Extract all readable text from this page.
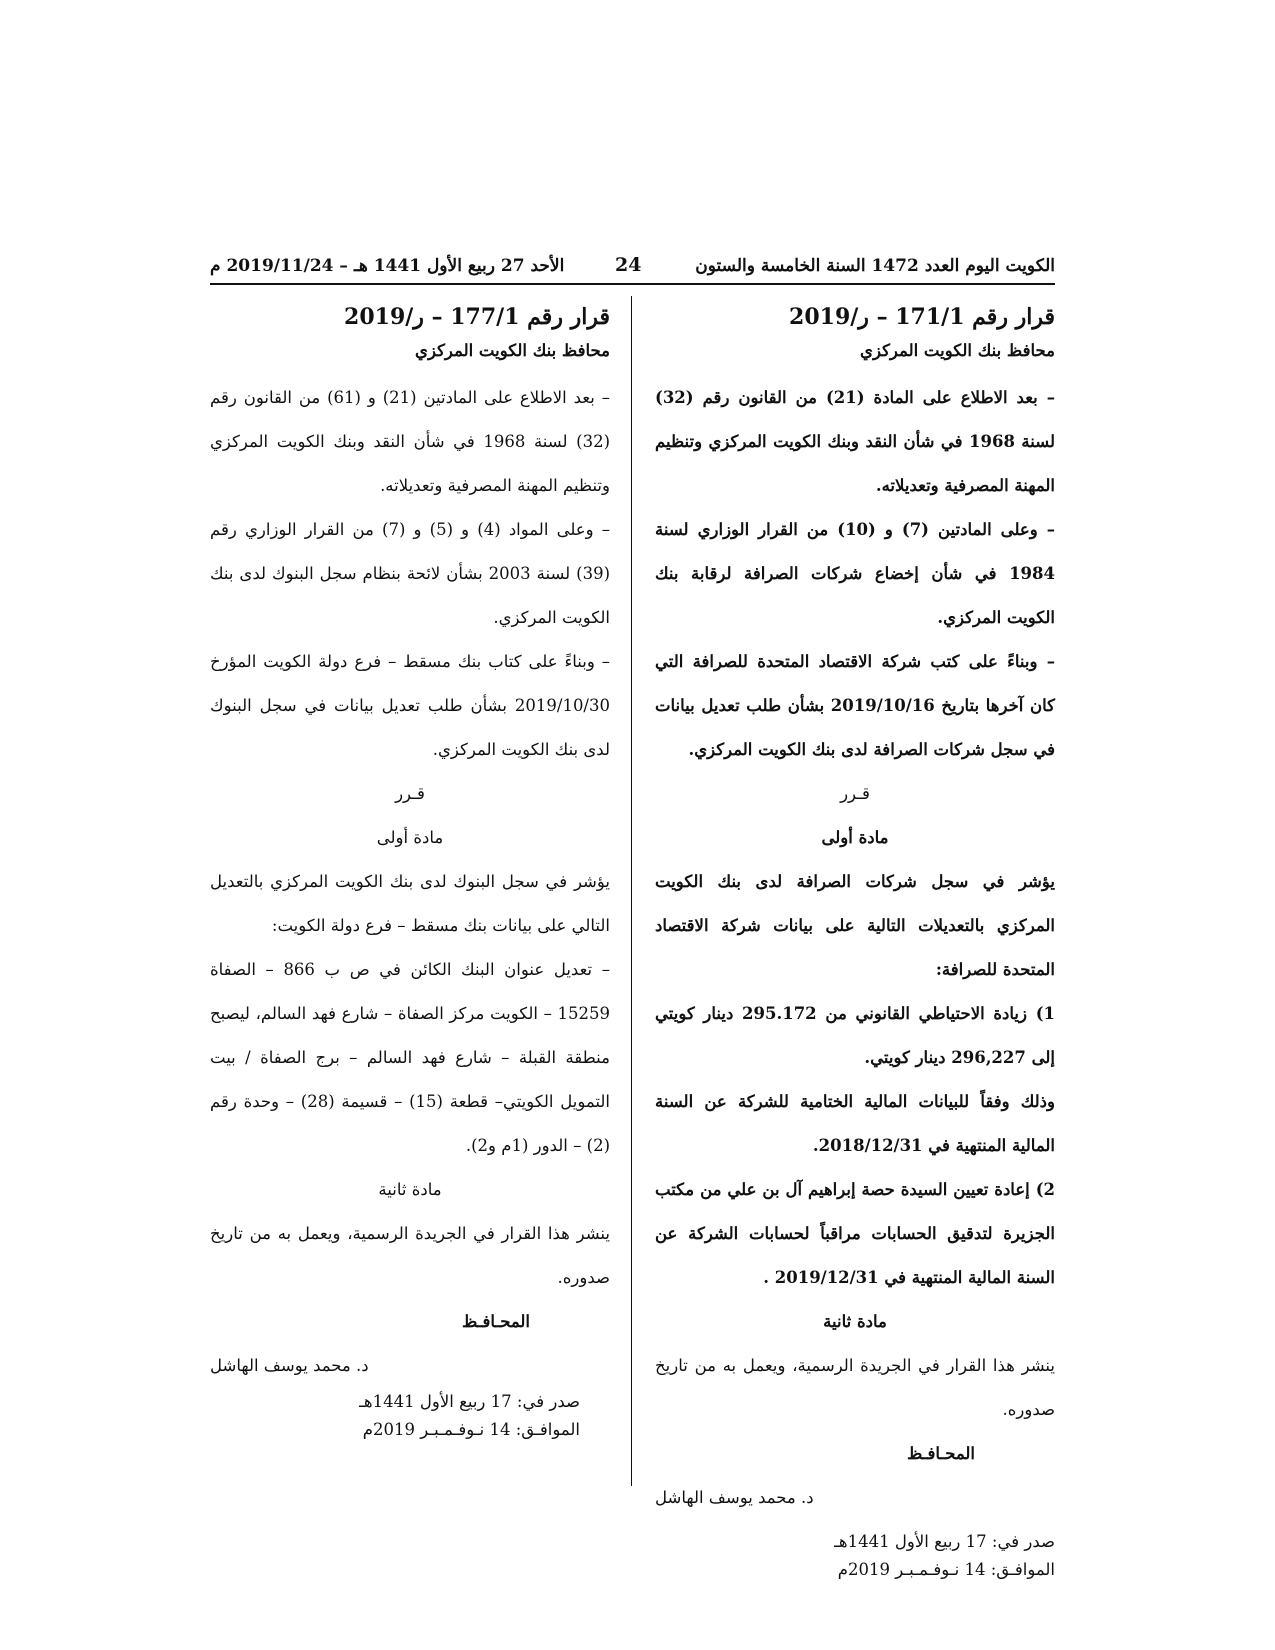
الكويت اليوم العدد 1472 السنة الخامسة والستون
24
الأحد 27 ربيع الأول 1441 هـ – 2019/11/24 م

قرار رقم 171/1 – ر/2019

محافظ بنك الكويت المركزي

– بعد الاطلاع على المادة (21) من القانون رقم (32) لسنة 1968 في شأن النقد وبنك الكويت المركزي وتنظيم المهنة المصرفية وتعديلاته.

– وعلى المادتين (7) و (10) من القرار الوزاري لسنة 1984 في شأن إخضاع شركات الصرافة لرقابة بنك الكويت المركزي.

– وبناءً على كتب شركة الاقتصاد المتحدة للصرافة التي كان آخرها بتاريخ 2019/10/16 بشأن طلب تعديل بيانات في سجل شركات الصرافة لدى بنك الكويت المركزي.

قـرر

مادة أولى

يؤشر في سجل شركات الصرافة لدى بنك الكويت المركزي بالتعديلات التالية على بيانات شركة الاقتصاد المتحدة للصرافة:

1) زيادة الاحتياطي القانوني من 295.172 دينار كويتي إلى 296,227 دينار كويتي.

وذلك وفقاً للبيانات المالية الختامية للشركة عن السنة المالية المنتهية في 2018/12/31.

2) إعادة تعيين السيدة حصة إبراهيم آل بن علي من مكتب الجزيرة لتدقيق الحسابات مراقباً لحسابات الشركة عن السنة المالية المنتهية في 2019/12/31 .

مادة ثانية

ينشر هذا القرار في الجريدة الرسمية، ويعمل به من تاريخ صدوره.

المحـافـظ

د. محمد يوسف الهاشل

صدر في: 17 ربيع الأول 1441هـ

الموافـق: 14 نـوفـمـبـر 2019م

قرار رقم 177/1 – ر/2019

محافظ بنك الكويت المركزي

– بعد الاطلاع على المادتين (21) و (61) من القانون رقم (32) لسنة 1968 في شأن النقد وبنك الكويت المركزي وتنظيم المهنة المصرفية وتعديلاته.

– وعلى المواد (4) و (5) و (7) من القرار الوزاري رقم (39) لسنة 2003 بشأن لائحة بنظام سجل البنوك لدى بنك الكويت المركزي.

– وبناءً على كتاب بنك مسقط – فرع دولة الكويت المؤرخ 2019/10/30 بشأن طلب تعديل بيانات في سجل البنوك لدى بنك الكويت المركزي.

قـرر

مادة أولى

يؤشر في سجل البنوك لدى بنك الكويت المركزي بالتعديل التالي على بيانات بنك مسقط – فرع دولة الكويت:

– تعديل عنوان البنك الكائن في ص ب 866 – الصفاة 15259 – الكويت مركز الصفاة – شارع فهد السالم، ليصبح منطقة القبلة – شارع فهد السالم – برج الصفاة / بيت التمويل الكويتي– قطعة (15) – قسيمة (28) – وحدة رقم (2) – الدور (1م و2).

مادة ثانية

ينشر هذا القرار في الجريدة الرسمية، ويعمل به من تاريخ صدوره.

المحـافـظ

د. محمد يوسف الهاشل

صدر في: 17 ربيع الأول 1441هـ

الموافـق: 14 نـوفـمـبـر 2019م
